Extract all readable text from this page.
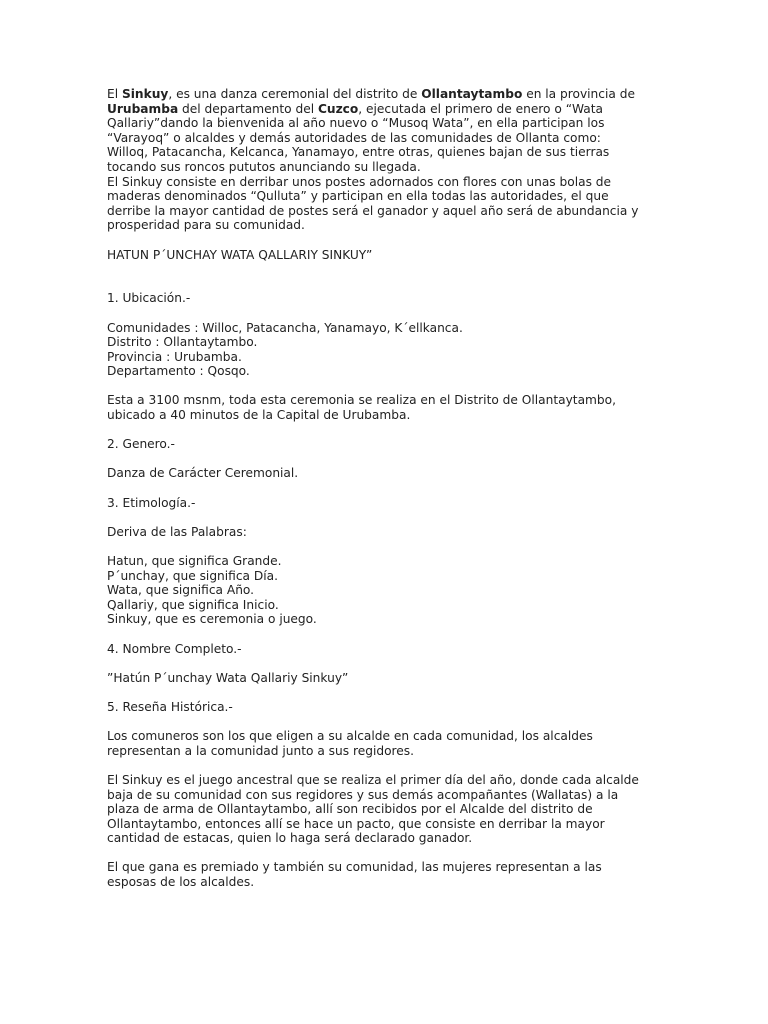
El Sinkuy, es una danza ceremonial del distrito de Ollantaytambo en la provincia de
Urubamba del departamento del Cuzco, ejecutada el primero de enero o “Wata
Qallariy”dando la bienvenida al año nuevo o “Musoq Wata”, en ella participan los
“Varayoq” o alcaldes y demás autoridades de las comunidades de Ollanta como:
Willoq, Patacancha, Kelcanca, Yanamayo, entre otras, quienes bajan de sus tierras
tocando sus roncos pututos anunciando su llegada.
El Sinkuy consiste en derribar unos postes adornados con flores con unas bolas de
maderas denominados “Qulluta” y participan en ella todas las autoridades, el que
derribe la mayor cantidad de postes será el ganador y aquel año será de abundancia y
prosperidad para su comunidad.
HATUN P´UNCHAY WATA QALLARIY SINKUY”
1. Ubicación.-
Comunidades : Willoc, Patacancha, Yanamayo, K´ellkanca.
Distrito : Ollantaytambo.
Provincia : Urubamba.
Departamento : Qosqo.
Esta a 3100 msnm, toda esta ceremonia se realiza en el Distrito de Ollantaytambo,
ubicado a 40 minutos de la Capital de Urubamba.
2. Genero.-
Danza de Carácter Ceremonial.
3. Etimología.-
Deriva de las Palabras:
Hatun, que significa Grande.
P´unchay, que significa Día.
Wata, que significa Año.
Qallariy, que significa Inicio.
Sinkuy, que es ceremonia o juego.
4. Nombre Completo.-
”Hatún P´unchay Wata Qallariy Sinkuy”
5. Reseña Histórica.-
Los comuneros son los que eligen a su alcalde en cada comunidad, los alcaldes
representan a la comunidad junto a sus regidores.
El Sinkuy es el juego ancestral que se realiza el primer día del año, donde cada alcalde
baja de su comunidad con sus regidores y sus demás acompañantes (Wallatas) a la
plaza de arma de Ollantaytambo, allí son recibidos por el Alcalde del distrito de
Ollantaytambo, entonces allí se hace un pacto, que consiste en derribar la mayor
cantidad de estacas, quien lo haga será declarado ganador.
El que gana es premiado y también su comunidad, las mujeres representan a las
esposas de los alcaldes.
